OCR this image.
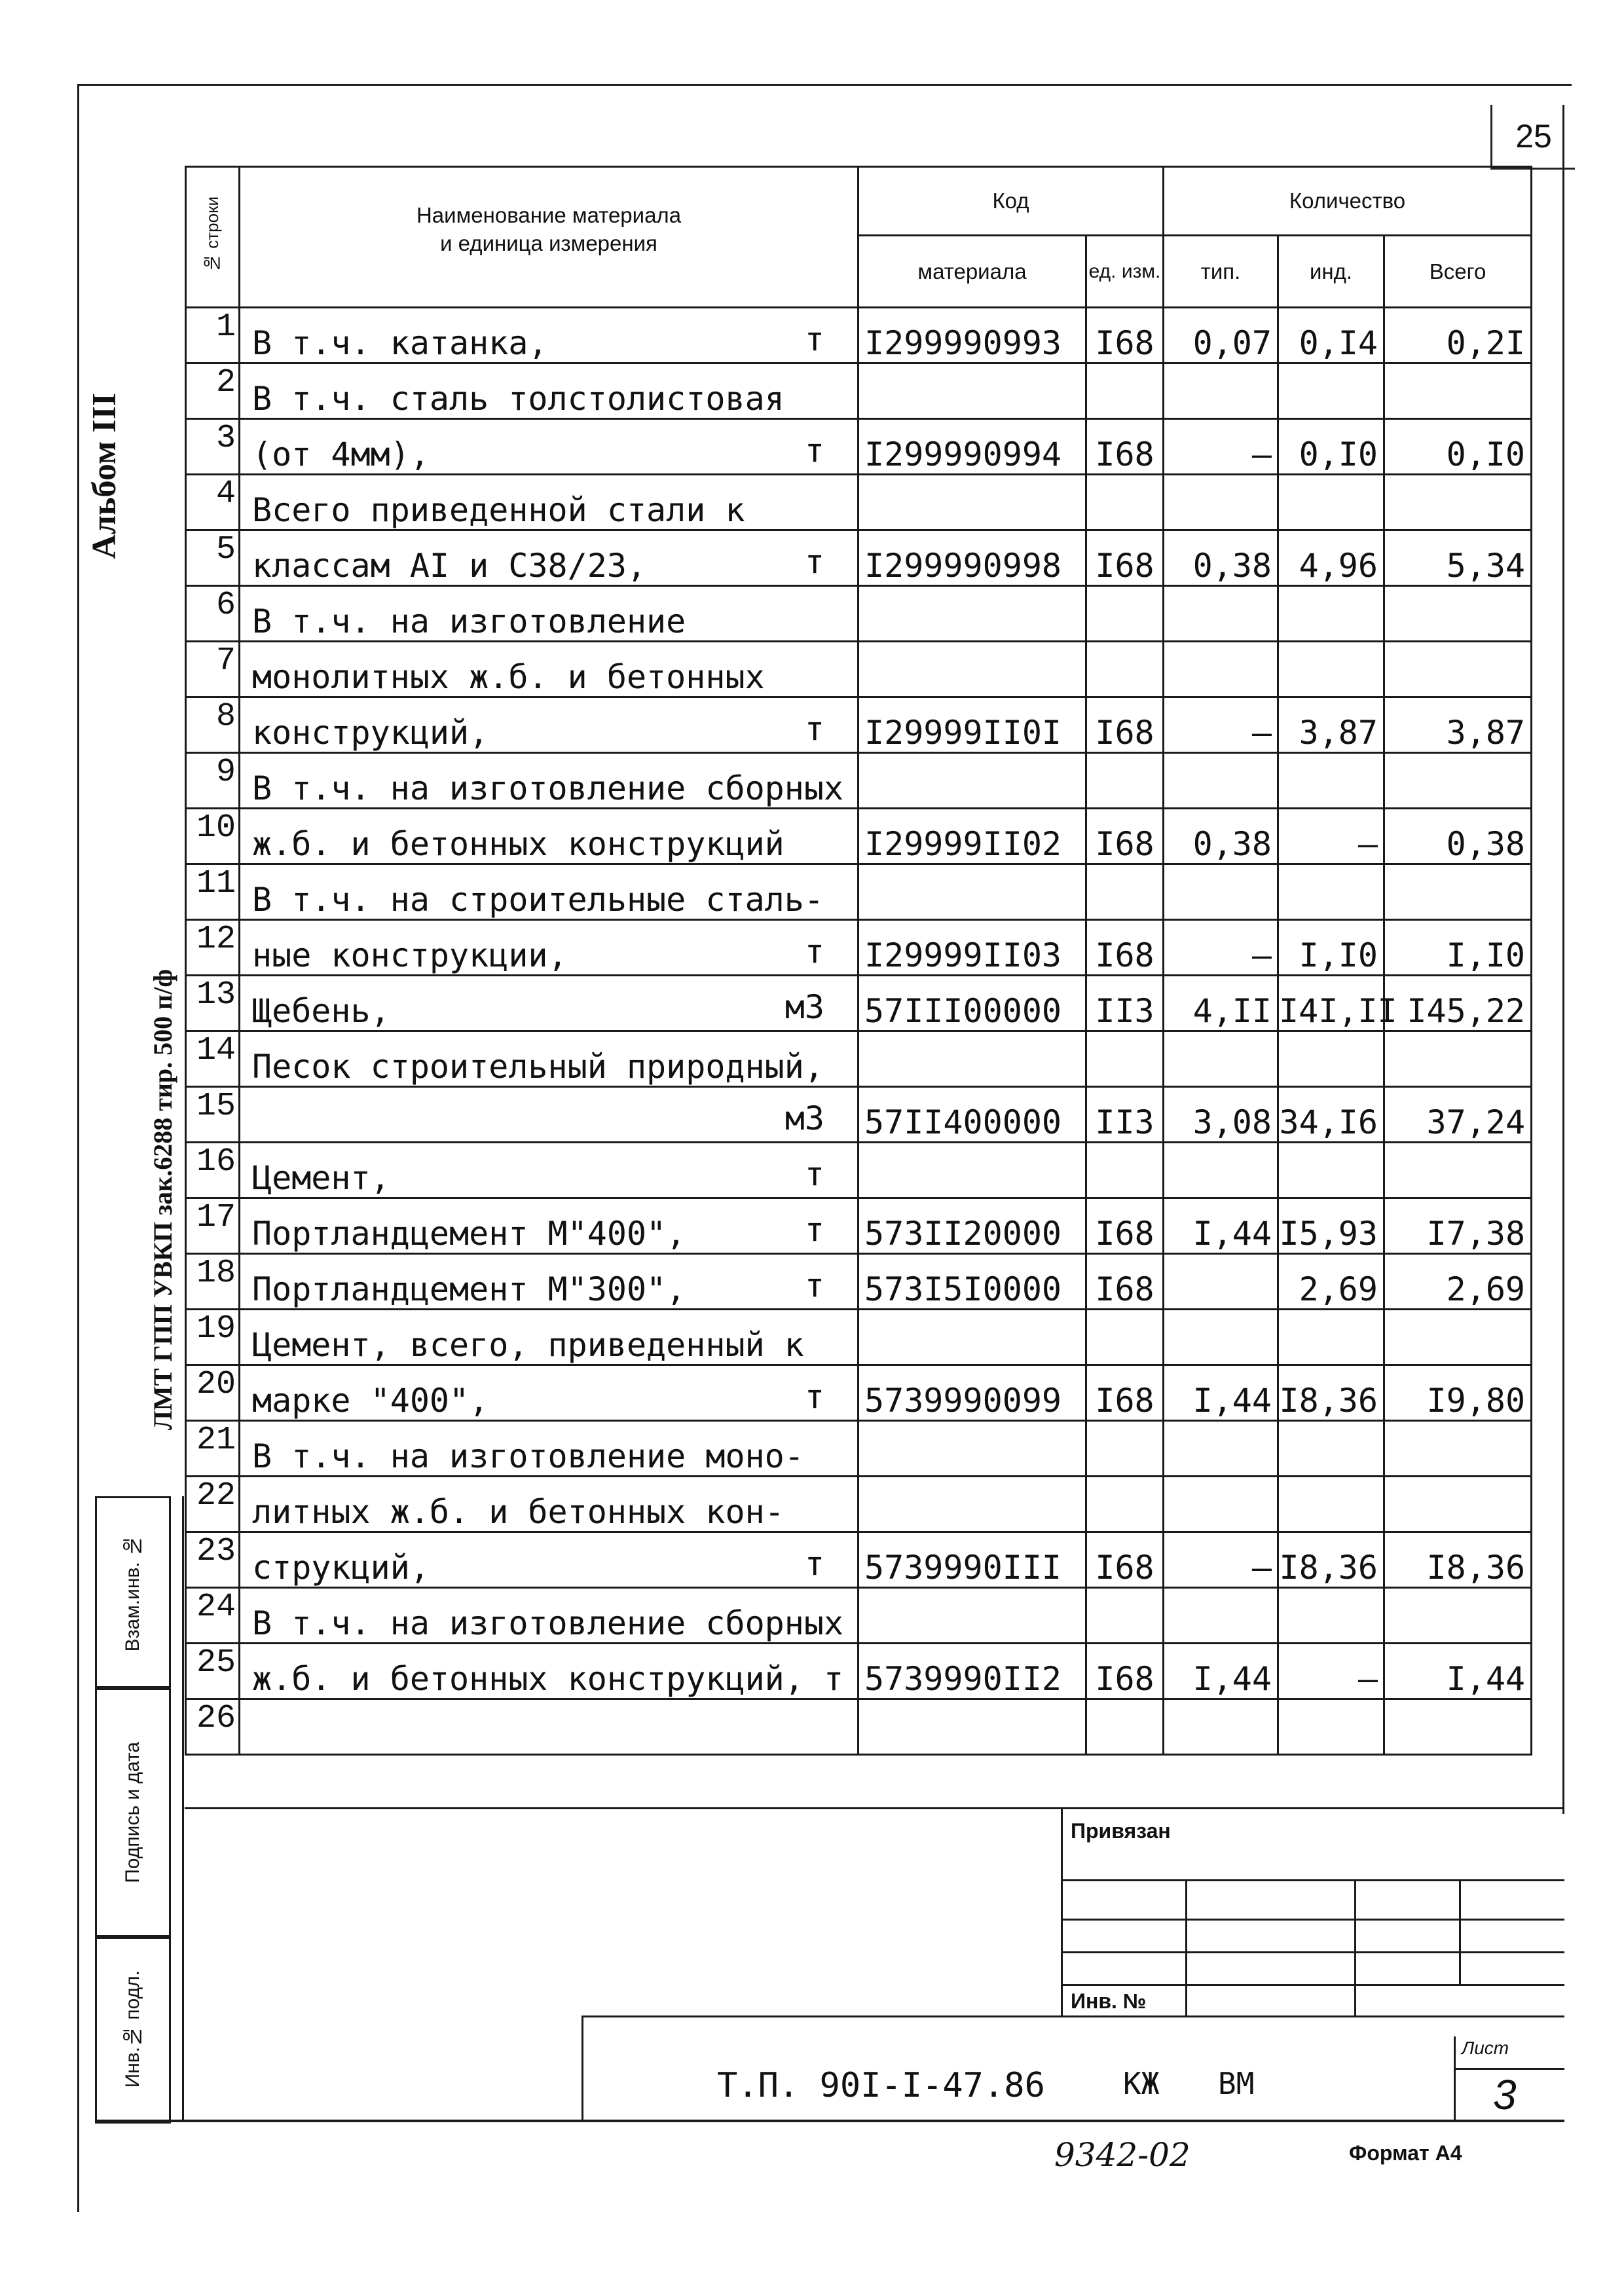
25
Альбом III
ЛМТ ГПП УВКП зак.6288 тир. 500 п/ф
Инв.№ подл.
Подпись и дата
Взам.инв. №
№ строки	Наименование материала
и единица измерения	Код		Количество		
		материала	ед. изм.	тип.	инд.	Всего
1	В т.ч. катанка, т	I299990993	I68	0,07	0,I4	0,2I
2	В т.ч. сталь толстолистовая					
3	(от 4мм), т	I299990994	I68	–	0,I0	0,I0
4	Всего приведенной стали к					
5	классам АI и С38/23, т	I299990998	I68	0,38	4,96	5,34
6	В т.ч. на изготовление					
7	монолитных ж.б. и бетонных					
8	конструкций, т	I29999II0I	I68	–	3,87	3,87
9	В т.ч. на изготовление сборных					
10	ж.б. и бетонных конструкций	I29999II02	I68	0,38	–	0,38
11	В т.ч. на строительные сталь-					
12	ные конструкции, т	I29999II03	I68	–	I,I0	I,I0
13	Щебень, м3	57III00000	II3	4,II	I4I,II	I45,22
14	Песок строительный природный,					
15	м3	57II400000	II3	3,08	34,I6	37,24
16	Цемент, т					

17	Портландцемент М"400", т	573II20000	I68	I,44	I5,93	I7,38
18	Портландцемент М"300", т	573I5I0000	I68		2,69	2,69
19	Цемент, всего, приведенный к					
20	марке "400", т	5739990099	I68	I,44	I8,36	I9,80
21	В т.ч. на изготовление моно-					
22	литных ж.б. и бетонных кон-					
23	струкций, т	5739990III	I68	–	I8,36	I8,36
24	В т.ч. на изготовление сборных					
25	ж.б. и бетонных конструкций, т	5739990II2	I68	I,44	–	I,44
26						
Привязан
Инв. №
Т.П. 90I-I-47.86	КЖ ВМ
Лист
3
9342-02	Формат А4
